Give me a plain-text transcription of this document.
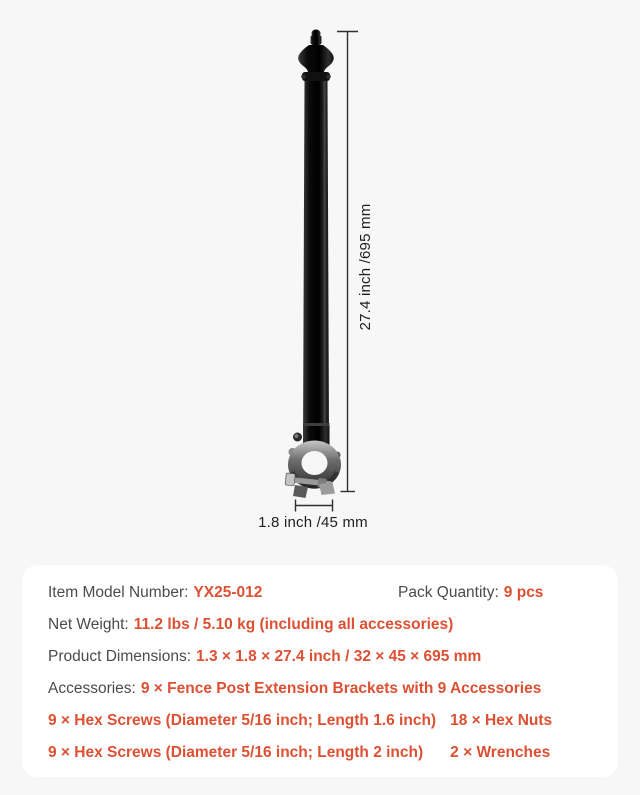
27.4 inch /695 mm
1.8 inch /45 mm
Item Model Number: YX25-012	Pack Quantity: 9 pcs
Net Weight: 11.2 lbs / 5.10 kg (including all accessories)
Product Dimensions: 1.3 × 1.8 × 27.4 inch / 32 × 45 × 695 mm
Accessories: 9 × Fence Post Extension Brackets with 9 Accessories
9 × Hex Screws (Diameter 5/16 inch; Length 1.6 inch) 18 × Hex Nuts
9 × Hex Screws (Diameter 5/16 inch; Length 2 inch) 2 × Wrenches
